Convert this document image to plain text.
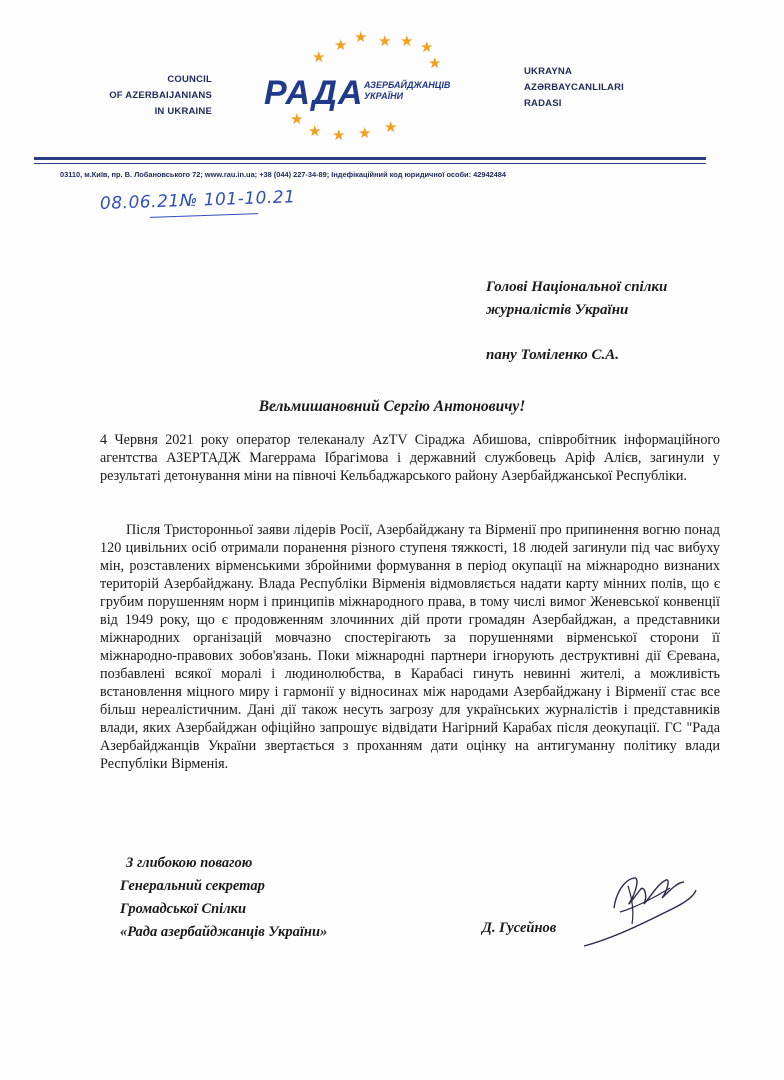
COUNCIL
OF AZERBAIJANIANS
IN UKRAINE
★ ★ ★ ★
★
★	★
★
★ ★ ★ ★
РАДА АЗЕРБАЙДЖАНЦІВ
УКРАЇНИ
UKRAYNA
AZƏRBAYCANLILARI
RADASI
03110, м.Київ, пр. В. Лобановського 72; www.rau.in.ua; +38 (044) 227-34-89; Індефікаційний код юридичної особи: 42942484
08.06.21№ 101-10.21
Голові Національної спілки
журналістів України
пану Томіленко С.А.
Вельмишановний Сергію Антоновичу!

4 Червня 2021 року оператор телеканалу AzTV Сіраджа Абишова, співробітник інформаційного агентства АЗЕРТАДЖ Магеррама Ібрагімова і державний службовець Аріф Алієв, загинули у результаті детонування міни на півночі Кельбаджарського району Азербайджанської Республіки.

Після Тристоронньої заяви лідерів Росії, Азербайджану та Вірменії про припинення вогню понад 120 цивільних осіб отримали поранення різного ступеня тяжкості, 18 людей загинули під час вибуху мін, розставлених вірменськими збройними формування в період окупації на міжнародно визнаних територій Азербайджану. Влада Республіки Вірменія відмовляється надати карту мінних полів, що є грубим порушенням норм і принципів міжнародного права, в тому числі вимог Женевської конвенції від 1949 року, що є продовженням злочинних дій проти громадян Азербайджан, а представники міжнародних організацій мовчазно спостерігають за порушеннями вірменської сторони її міжнародно-правових зобов'язань. Поки міжнародні партнери ігнорують деструктивні дії Єревана, позбавлені всякої моралі і людинолюбства, в Карабасі гинуть невинні жителі, а можливість встановлення міцного миру і гармонії у відносинах між народами Азербайджану і Вірменії стає все більш нереалістичним. Дані дії також несуть загрозу для українських журналістів і представників влади, яких Азербайджан офіційно запрошує відвідати Нагірний Карабах після деокупації. ГС "Рада Азербайджанців України звертається з проханням дати оцінку на антигуманну політику влади Республіки Вірменія.

З глибокою повагою
Генеральний секретар
Громадської Спілки
«Рада азербайджанців України»	Д. Гусейнов
